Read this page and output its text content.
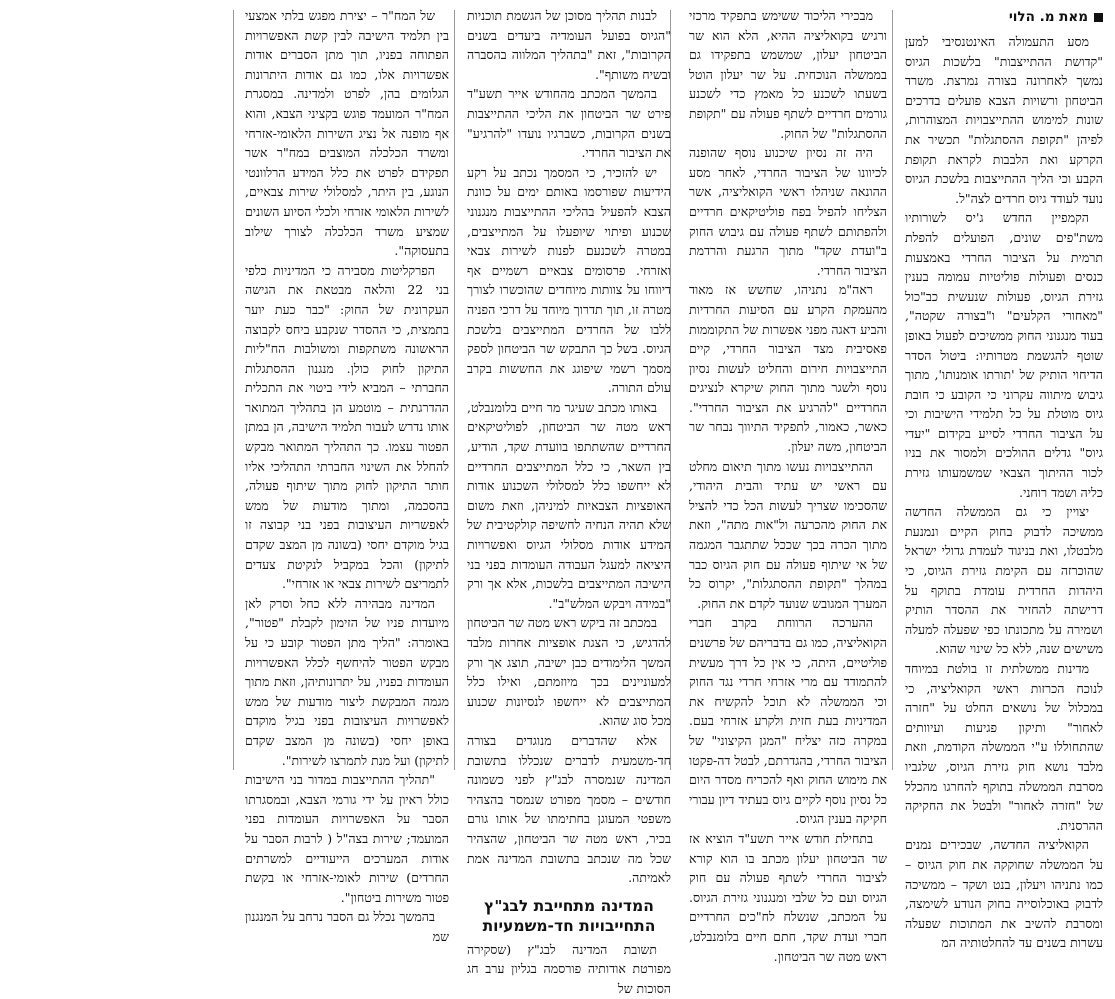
מאת מ. הלוי

מסע התעמולה האינטנסיבי למען "קדושת ההתייצבות" בלשכות הגיוס נמשך לאחרונה בצורה נמרצת. משרד הביטחון ורשויות הצבא פועלים בדרכים שונות למימוש ההתייצבויות המצוהרות, לפיהן "תקופת ההסתגלות" תכשיר את הקרקע ואת הלבבות לקראת תקופת הקבע וכי הליך ההתייצבות בלשכת הגיוס נועד לעודד גיוס חרדים לצה"ל.

הקמפיין החדש ג'יס לשורותיו משת"פים שונים, הפועלים להפלת תרמית על הציבור החרדי באמצעות כנסים ופעולות פוליטיות עמומה בענין גזירת הגיוס, פעולות שנעשית כב"כול "מאחורי הקלעים" ו"בצורה שקטה", בעוד מנגנוני החוק ממשיכים לפעול באופן שוטף להגשמת מטרותיו: ביטול הסדר הדיחוי הותיק של 'תורתו אומנותו', מתוך גיבוש מיתווה עקרוני כי הקובע כי חובת גיוס מוטלת על כל תלמידי הישיבות וכי על הציבור החרדי לסייע בקידום "יעדי גיוס" גדלים ההולכים ולמסור את בניו לכור ההיתוך הצבאי שמשמעותו גזירת כליה ושמד רוחני.

יצויין כי גם הממשלה החדשה ממשיכה לדבוק בחוק הקיים ונמנעת מלבטלו, ואת בניגוד לעמדת גדולי ישראל שהוכרזה עם הקימת גזירת הגיוס, כי היהדות החרדית עומדת בתוקף על דרישתה להחזיר את ההסדר הותיק ושמירה על מתכונתו כפי שפעלה למעלה משישים שנה, ללא כל שינוי שהוא.

מדינות ממשלתית זו בולטת במיוחד לנוכח הכרזות ראשי הקואליציה, כי במכלול של נושאים החלט על "חזרה לאחור" ותיקון פגיעות ועיוותים שהתחוללו ע"י הממשלה הקודמת, וזאת מלבד נושא חוק גזירת הגיוס, שלגביו מסרבת הממשלה בתוקף להחרגו מהכלל של "חזרה לאחור" ולבטל את החקיקה ההרסנית.

הקואליציה החדשה, שבכירים נמנים על הממשלה שחוקקה את חוק הגיוס – כמו נתניהו ויעלון, בנט ושקד – ממשיכה לדבוק באוכלוסייה בחוק הנודע לשימצה, ומסרבת להשיב את המתוכות שפעלה עשרות בשנים עד להחלטותיה המ

מבכירי הליכוד ששימש בתפקיד מרכזי ורגיש בקואליציה ההיא, הלא הוא שר הביטחון יעלון, שמשמש בתפקידו גם בממשלה הנוכחית. על שר יעלון הוטל בשעתו לשכנע כל מאמץ כדי לשכנע גורמים חרדיים לשתף פעולה עם "תקופת ההסתגלות" של החוק.

היה זה נסיון שיכנוע נוסף שהופנה לכיוונו של הציבור החרדי, לאחר מסע ההונאה שניהלו ראשי הקואליציה, אשר הצליחו להפיל בפח פוליטיקאים חרדיים ולהפתותם לשתף פעולה עם גיבוש החוק ב"ועדת שקד" מתוך הרגעת והרדמת הציבור החרדי.

ראה"מ נתניהו, שחשש אז מאוד מהעמקת הקרע עם הסיעות החרדיות והביע דאגה מפני אפשרות של התקוממות פאסיבית מצד הציבור החרדי, קיים התייצבויות חירום והחליט לעשות נסיון נוסף ולשגר מתוך החוק שיקרא לנציגים החרדיים "להרגיע את הציבור החרדי". כאשר, כאמור, לתפקיד התיווך נבחר שר הביטחון, משה יעלון.

ההתייצבויות נעשו מתוך תיאום מחלט עם ראשי יש עתיד והבית היהודי, שהסכימו שצריך לעשות הכל כדי להציל את החוק מהכרעה ול"אות מתה", וזאת מתוך הכרה בכך שככל שתתגבר המגמה של אי שיתוף פעולה עם חוק הגיוס כבר במהלך "תקופת ההסתגלות", יקרוס כל המערך המגובש שנועד לקדם את החוק.

ההערכה הרווחת בקרב חברי הקואליציה, כמו גם בדבריהם של פרשנים פוליטיים, היתה, כי אין כל דרך מעשית להתמודד עם מרי אזרחי חרדי נגד החוק וכי הממשלה לא תוכל להקשיח את המדיניות בעת חזית ולקרע אזרחי בעם. במקרה כזה יצליח "המגן הקיצוני" של הציבור החרדי, בהגדרתם, לבטל דה-פקטו את מימוש החוק ואף להכריח מסדר היום כל נסיון נוסף לקיים גיוס בעתיד דיון עבורי חקיקה בענין הגיוס.

בתחילת חודש אייר תשע"ד הוציא אז שר הביטחון יעלון מכתב בו הוא קורא לציבור החרדי לשתף פעולה עם חוק הגיוס ועם כל שלבי ומנגנוני גזירת הגיוס. על המכתב, שנשלח לח"כים החרדיים חברי ועדת שקד, חתם חיים בלומנבלט, ראש מטה שר הביטחון.

לבנות תהליך מסוכן של הגשמת תוכניות "הגיוס בפועל העומדיה ביעדים בשנים הקרובות", זאת "בתהליך המלווה בהסברה ובשיח משותף".

בהמשך המכתב מהחודש אייר תשע"ד פירט שר הביטחון את הליכי ההתייצבות בשנים הקרובות, כשברגיו נועדו "להרגיע" את הציבור החרדי.

יש להזכיר, כי המסמך נכתב על רקע הידיעות שפורסמו באותם ימים על כוונת הצבא להפעיל בהליכי ההתייצבות מנגנוני שכנוע ופיתוי שיופעלו על המתייצבים, במטרה לשכנעם לפנות לשירות צבאי ואזרחי. פרסומים צבאיים רשמיים אף דיווחו על צוותות מיוחדים שהוכשרו לצורך מטרה זו, תוך תדרוך מיוחד על דרכי הפניה ללבו של החרדים המתייצבים בלשכת הגיוס. בשל כך התבקש שר הביטחון לספק מסמך רשמי שיפוגג את החששות בקרב עולם התורה.

באותו מכתב שעיגר מר חיים בלומנבלט, ראש מטה שר הביטחון, לפוליטיקאים החרדיים שהשתתפו בוועדת שקד, הודיע, בין השאר, כי כלל המתייצבים החרדיים לא ייחשפו כלל למסלולי השכנוע אודות האופציות הצבאיות למיניהן, וזאת משום שלא תהיה הנחיה לחשיפה קולקטיבית של המידע אודות מסלולי הגיוס ואפשרויות היציאה למעגל העבודה העומדות בפני בני הישיבה המתייצבים בלשכות, אלא אך ורק "במידה ויבקש המלש"ב".

במכתב זה ביקש ראש מטה שר הביטחון להדגיש, כי הצגת אופציות אחרות מלבד המשך הלימודים כבן ישיבה, תוצג אך ורק למעוניינים בכך מיוזמתם, ואילו כלל המתייצבים לא ייחשפו לנסיונות שכנוע מכל סוג שהוא.

אלא שהדברים מנוגדים בצורה חד-משמעית לדברים שנכללו בתשובת המדינה שנמסרה לבג"ץ לפני כשמונה חודשים – מסמך מפורט שנמסר בהצהיר משפטי המעוגן בחתימתו של אותו גורם בכיר, ראש מטה שר הביטחון, שהצהיר שכל מה שנכתב בתשובת המדינה אמת לאמיתה.

המדינה מתחייבת לבג"ץ
התחייבויות חד-משמעיות

תשובת המדינה לבג"ץ (שסקירה מפורטת אודותיה פורסמה בגליון ערב חג הסוכות של

של המח"ר – יצירת מפגש בלתי אמצעי בין תלמיד הישיבה לבין קשת האפשרויות הפתוחה בפניו, תוך מתן הסברים אודות אפשרויות אלו, כמו גם אודות היתרונות הגלומים בהן, לפרט ולמדינה. במסגרת המח"ר המועמד פוגש בקציני הצבא, והוא אף מופנה אל נציג השירות הלאומי-אזרחי ומשרד הכלכלה המוצבים במח"ר אשר תפקידם לפרט את כלל המידע הרלוונטי הנוגע, בין היתר, למסלולי שירות צבאיים, לשירות הלאומי אזרחי ולכלי הסיוע השונים שמציע משרד הכלכלה לצורך שילוב בתעסוקה".

הפרקליטות מסבירה כי המדיניות כלפי בני 22 והלאה מבטאת את הגישה העקרונית של החוק: "כבר כעת יוער בתמצית, כי ההסדר שנקבע ביחס לקבוצה הראשונה משתקפות ומשולבות הח"ליות התיקון לחוק כולן. מנגנון ההסתגלות החברתי – המביא לידי ביטוי את התכלית ההדרגתית – מוטמע הן בתהליך המתואר אותו נדרש לעבור תלמיד הישיבה, הן במתן הפטור עצמו. כך התהליך המתואר מבקש להחלל את השינוי החברתי התהליכי אליו חותר התיקון לחוק מתוך שיתוף פעולה, בהסכמה, ומתוך מודעות של ממש לאפשריות העיצובות בפני בני קבוצה זו בגיל מוקדם יחסי (בשונה מן המצב שקדם לתיקון) והכל במקביל לנקיטת צעדים לתמריצם לשירות צבאי או אזרחי".

המדינה מבהירה ללא כחל וסרק לאן מיועדות פניו של הזימון לקבלת "פטור", באומרה: "הליך מתן הפטור קובע כי על מבקש הפטור להיחשף לכלל האפשרויות העומדות בפניו, על יתרונותיהן, וזאת מתוך מגמה המבקשת ליצור מודעות של ממש לאפשרויות העיצובות בפני בגיל מוקדם באופן יחסי (בשונה מן המצב שקדם לתיקון) ועל מנת לתמרצו לשירות".

"תהליך ההתייצבות במדור בני הישיבות כולל ראיון על ידי גורמי הצבא, ובמסגרתו הסבר על האפשרויות העומדות בפני המועמד; שירות בצה"ל ( לרבות הסבר על אודות המערכים הייעודיים למשרתים החרדים) שירות לאומי-אזרחי או בקשת פטור משירות ביטחון".

בהמשך נכלל גם הסבר נרחב על המנגנון שמ
